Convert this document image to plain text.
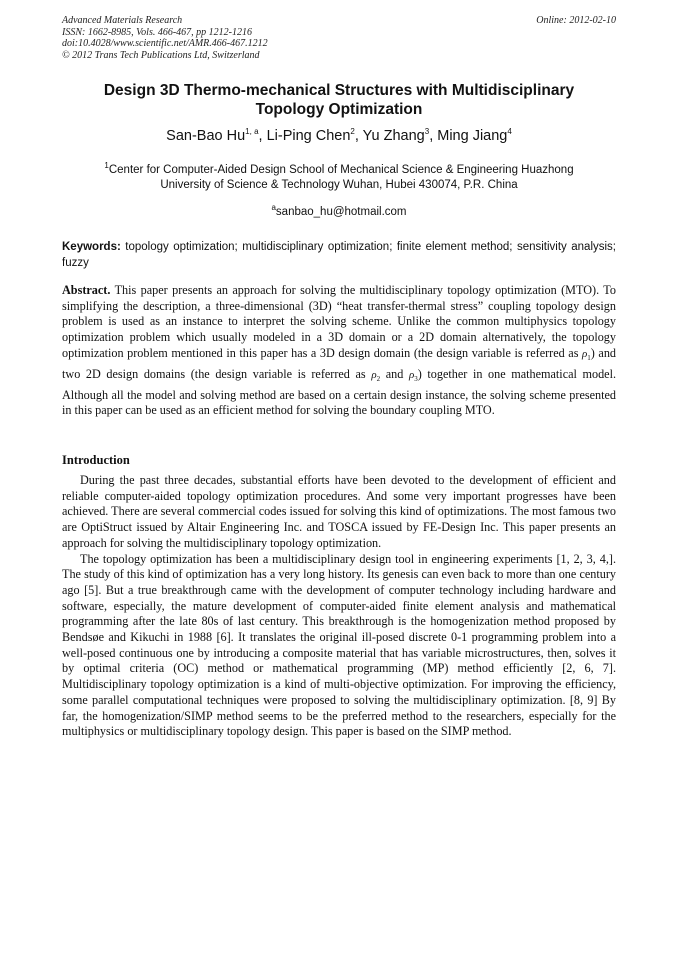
Advanced Materials Research
ISSN: 1662-8985, Vols. 466-467, pp 1212-1216
doi:10.4028/www.scientific.net/AMR.466-467.1212
© 2012 Trans Tech Publications Ltd, Switzerland
Online: 2012-02-10
Design 3D Thermo-mechanical Structures with Multidisciplinary
Topology Optimization
San-Bao Hu$^{1, a}$, Li-Ping Chen$^2$, Yu Zhang$^3$, Ming Jiang$^4$
$^1$Center for Computer-Aided Design School of Mechanical Science & Engineering Huazhong
University of Science & Technology Wuhan, Hubei 430074, P.R. China
$^a$sanbao_hu@hotmail.com
Keywords: topology optimization; multidisciplinary optimization; finite element method; sensitivity analysis; fuzzy
Abstract. This paper presents an approach for solving the multidisciplinary topology optimization (MTO). To simplifying the description, a three-dimensional (3D) “heat transfer-thermal stress” coupling topology design problem is used as an instance to interpret the solving scheme. Unlike the common multiphysics topology optimization problem which usually modeled in a 3D domain or a 2D domain alternatively, the topology optimization problem mentioned in this paper has a 3D design domain (the design variable is referred as $\rho_1$) and two 2D design domains (the design variable is referred as $\rho_2$ and $\rho_3$) together in one mathematical model. Although all the model and solving method are based on a certain design instance, the solving scheme presented in this paper can be used as an efficient method for solving the boundary coupling MTO.
Introduction

During the past three decades, substantial efforts have been devoted to the development of efficient and reliable computer-aided topology optimization procedures. And some very important progresses have been achieved. There are several commercial codes issued for solving this kind of optimizations. The most famous two are OptiStruct issued by Altair Engineering Inc. and TOSCA issued by FE-Design Inc. This paper presents an approach for solving the multidisciplinary topology optimization.

The topology optimization has been a multidisciplinary design tool in engineering experiments [1, 2, 3, 4,]. The study of this kind of optimization has a very long history. Its genesis can even back to more than one century ago [5]. But a true breakthrough came with the development of computer technology including hardware and software, especially, the mature development of computer-aided finite element analysis and mathematical programming after the late 80s of last century. This breakthrough is the homogenization method proposed by Bendsøe and Kikuchi in 1988 [6]. It translates the original ill-posed discrete 0-1 programming problem into a well-posed continuous one by introducing a composite material that has variable microstructures, then, solves it by optimal criteria (OC) method or mathematical programming (MP) method efficiently [2, 6, 7]. Multidisciplinary topology optimization is a kind of multi-objective optimization. For improving the efficiency, some parallel computational techniques were proposed to solving the multidisciplinary optimization. [8, 9] By far, the homogenization/SIMP method seems to be the preferred method to the researchers, especially for the multiphysics or multidisciplinary topology design. This paper is based on the SIMP method.
